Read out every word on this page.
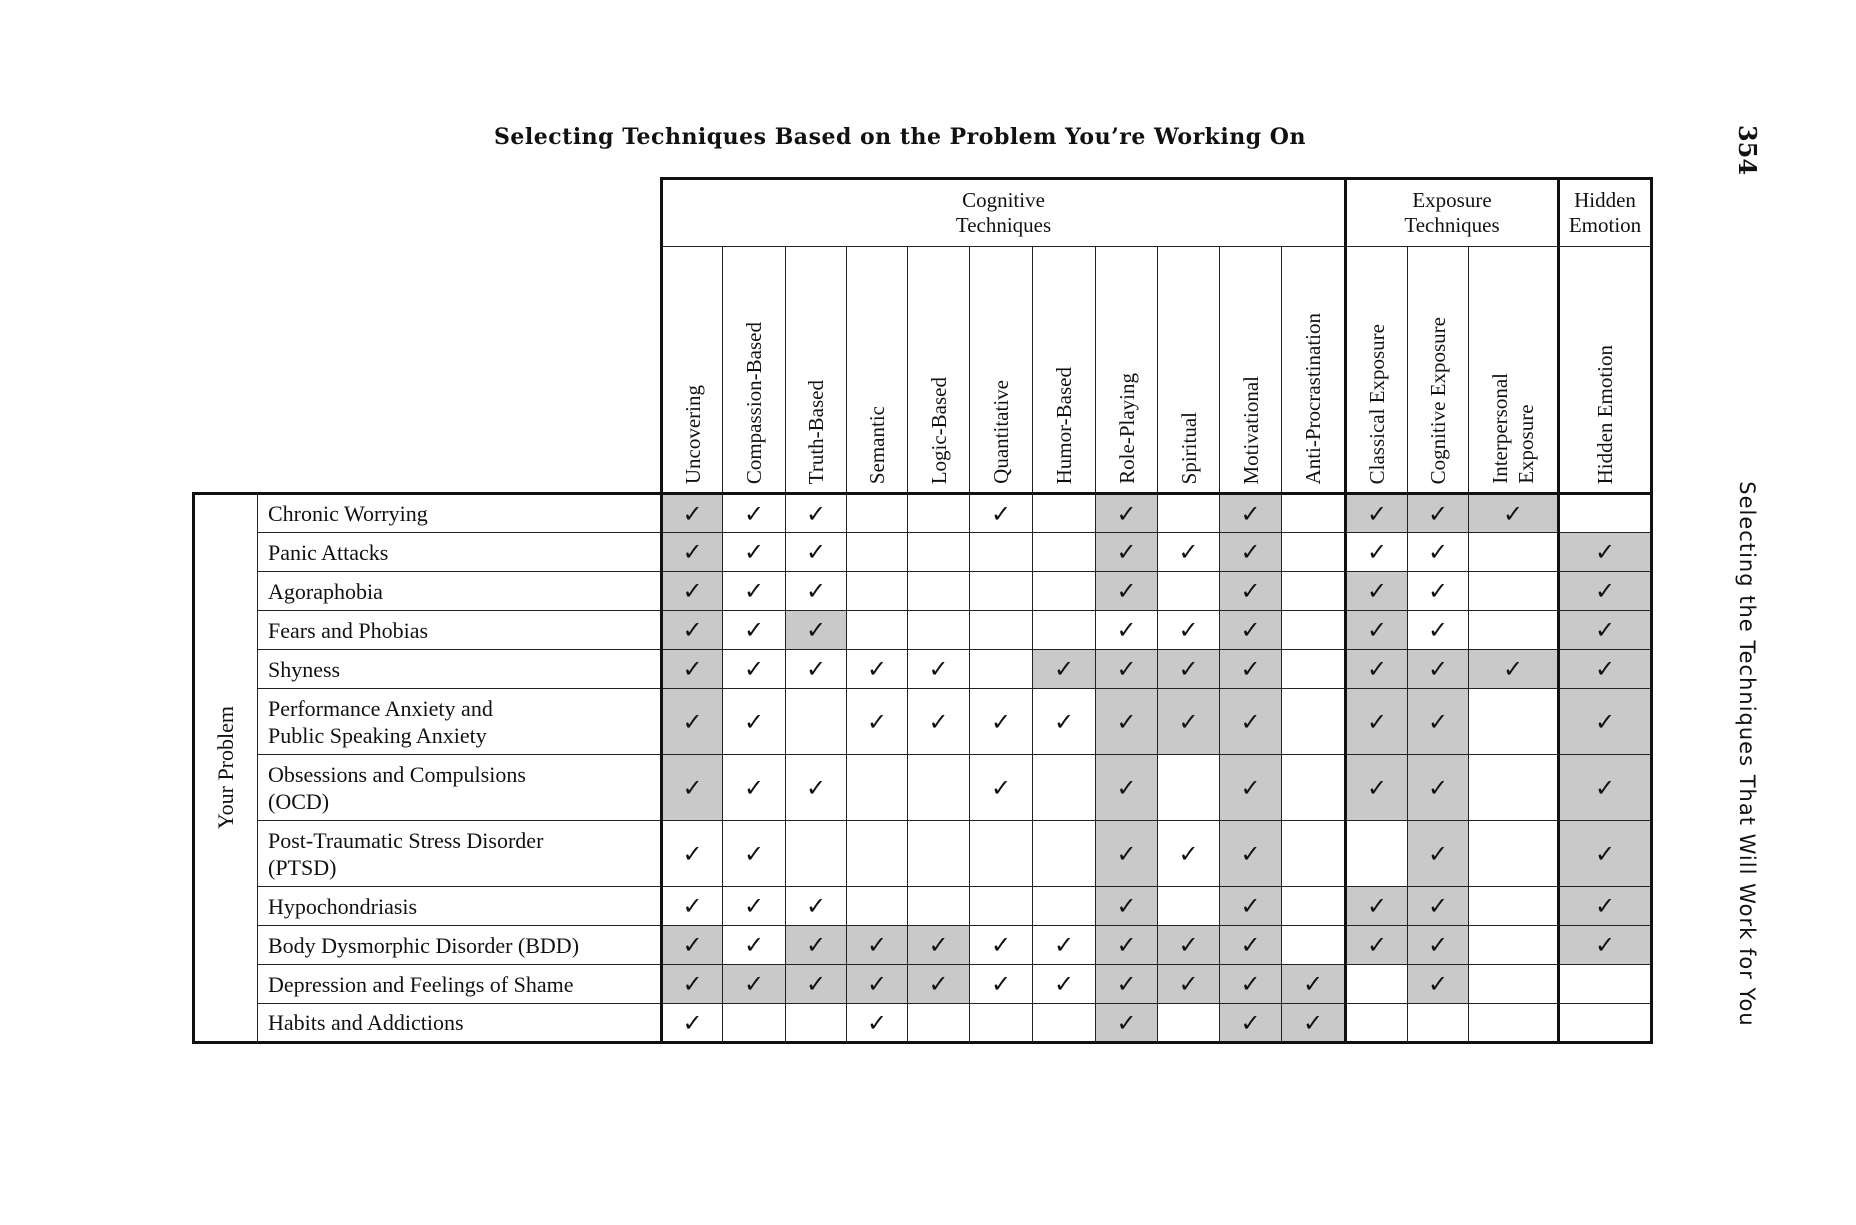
Selecting Techniques Based on the Problem You’re Working On	354
Selecting the Techniques That Will Work for You

		Cognitive
Techniques											Exposure
Techniques			Hidden
Emotion

		Uncovering	Compassion-Based	Truth-Based	Semantic	Logic-Based	Quantitative	Humor-Based	Role-Playing	Spiritual	Motivational	Anti-Procrastination	Classical Exposure	Cognitive Exposure	Interpersonal Exposure	Hidden Emotion

Your Problem	Chronic Worrying	✓	✓	✓			✓		✓		✓		✓	✓	✓	
	Panic Attacks	✓	✓	✓					✓	✓	✓		✓	✓		✓
	Agoraphobia	✓	✓	✓					✓		✓		✓	✓		✓
	Fears and Phobias	✓	✓	✓					✓	✓	✓		✓	✓		✓
	Shyness	✓	✓	✓	✓	✓		✓	✓	✓	✓		✓	✓	✓	✓
	Performance Anxiety and
Public Speaking Anxiety	✓	✓		✓	✓	✓	✓	✓	✓	✓		✓	✓		✓
	Obsessions and Compulsions
(OCD)	✓	✓	✓			✓		✓		✓		✓	✓		✓
	Post-Traumatic Stress Disorder
(PTSD)	✓	✓						✓	✓	✓			✓		✓
	Hypochondriasis	✓	✓	✓					✓		✓		✓	✓		✓
	Body Dysmorphic Disorder (BDD)	✓	✓	✓	✓	✓	✓	✓	✓	✓	✓		✓	✓		✓
	Depression and Feelings of Shame	✓	✓	✓	✓	✓	✓	✓	✓	✓	✓	✓		✓		
	Habits and Addictions	✓			✓				✓		✓	✓				
